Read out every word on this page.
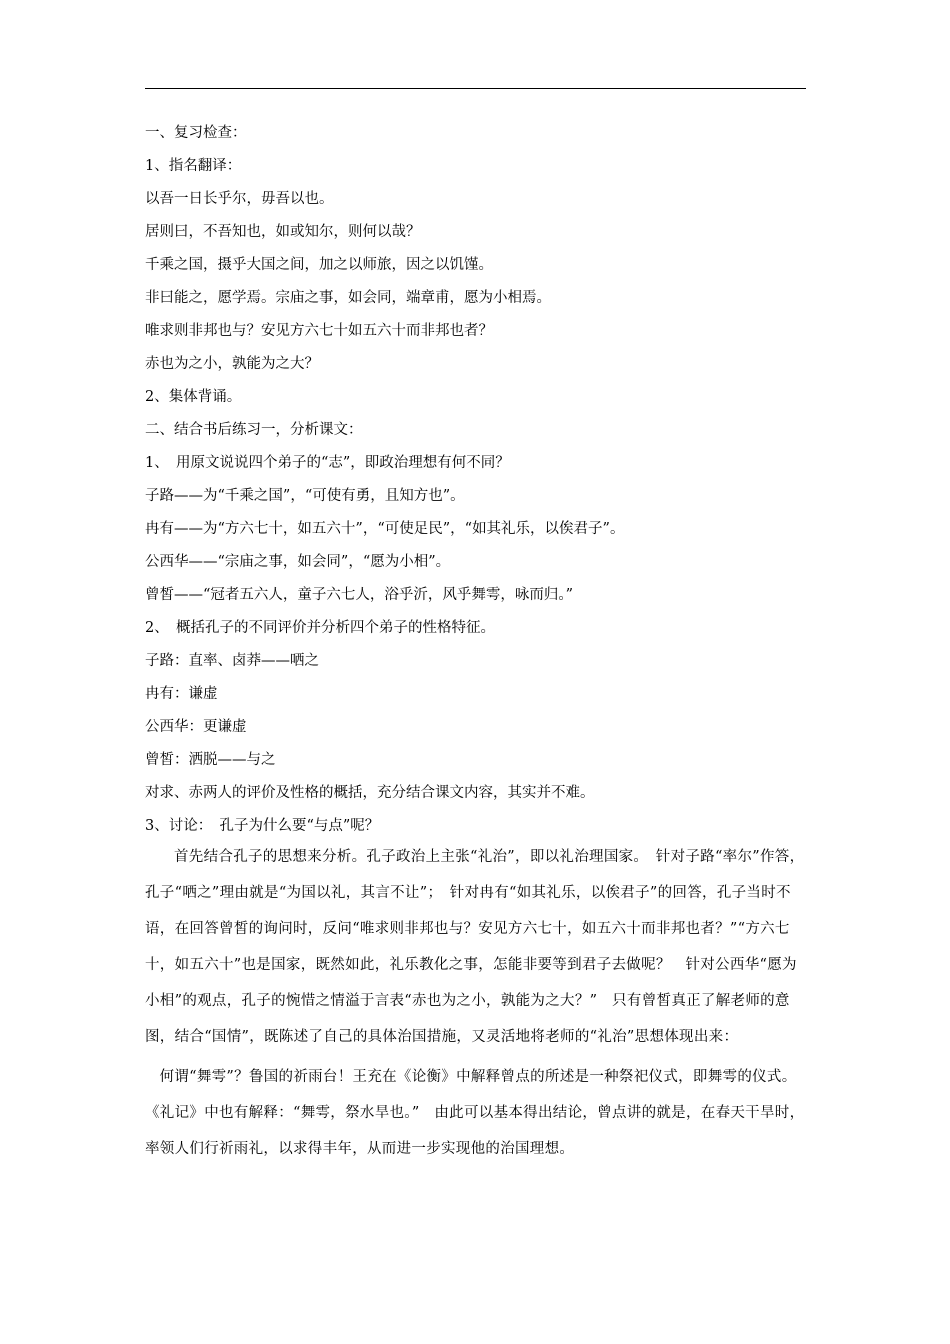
一、复习检查：
1、指名翻译：
以吾一日长乎尔，毋吾以也。
居则曰，不吾知也，如或知尔，则何以哉？
千乘之国，摄乎大国之间，加之以师旅，因之以饥馑。
非曰能之，愿学焉。宗庙之事，如会同，端章甫，愿为小相焉。
唯求则非邦也与？安见方六七十如五六十而非邦也者？
赤也为之小，孰能为之大？
2、集体背诵。
二、结合书后练习一，分析课文：
1、　用原文说说四个弟子的“志”，即政治理想有何不同？
子路——为“千乘之国”，“可使有勇，且知方也”。
冉有——为“方六七十，如五六十”，“可使足民”，“如其礼乐，以俟君子”。
公西华——“宗庙之事，如会同”，“愿为小相”。
曾皙——“冠者五六人，童子六七人，浴乎沂，风乎舞雩，咏而归。”
2、　概括孔子的不同评价并分析四个弟子的性格特征。
子路：直率、卤莽——哂之
冉有：谦虚
公西华：更谦虚
曾皙：洒脱——与之
对求、赤两人的评价及性格的概括，充分结合课文内容，其实并不难。
3、讨论：　孔子为什么要“与点”呢？

首先结合孔子的思想来分析。孔子政治上主张“礼治”，即以礼治理国家。　针对子路“率尔”作答，孔子“哂之”理由就是“为国以礼，其言不让”；　针对冉有“如其礼乐，以俟君子”的回答，孔子当时不语，在回答曾皙的询问时，反问“唯求则非邦也与？安见方六七十，如五六十而非邦也者？”“方六七十，如五六十”也是国家，既然如此，礼乐教化之事，怎能非要等到君子去做呢？　针对公西华“愿为小相”的观点，孔子的惋惜之情溢于言表“赤也为之小，孰能为之大？”　只有曾皙真正了解老师的意图，结合“国情”，既陈述了自己的具体治国措施，又灵活地将老师的“礼治”思想体现出来：

何谓“舞雩”？鲁国的祈雨台！王充在《论衡》中解释曾点的所述是一种祭祀仪式，即舞雩的仪式。《礼记》中也有解释：“舞雩，祭水旱也。”　由此可以基本得出结论，曾点讲的就是，在春天干旱时，率领人们行祈雨礼，以求得丰年，从而进一步实现他的治国理想。
